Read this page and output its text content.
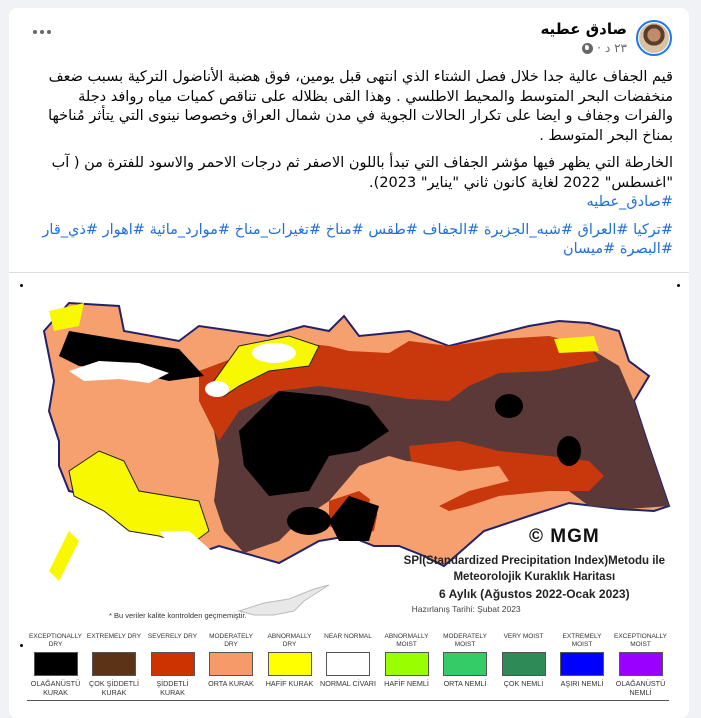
صادق عطيه
٢٣ د
·

قيم الجفاف عالية جدا خلال فصل الشتاء الذي انتهى قبل يومين، فوق هضبة الأناضول التركية بسبب ضعف منخفضات البحر المتوسط والمحيط الاطلسي . وهذا القى بظلاله على تناقص كميات مياه روافد دجلة والفرات وجفاف و ايضا على تكرار الحالات الجوية في مدن شمال العراق وخصوصا نينوى التي يتأثر مُناخها بمناخ البحر المتوسط .

الخارطة التي يظهر فيها مؤشر الجفاف التي تبدأ باللون الاصفر ثم درجات الاحمر والاسود للفترة من ( آب "اغسطس" 2022 لغاية كانون ثاني "يناير" 2023).

#صادق_عطيه

#تركيا #العراق #شبه_الجزيرة #الجفاف #طقس #مناخ #تغيرات_مناخ #موارد_مائية #اهوار #ذي_قار #البصرة #ميسان

© MGM
SPI(Standardized Precipitation Index)Metodu ile
Meteorolojik Kuraklık Haritası
6 Aylık (Ağustos 2022-Ocak 2023)
Hazırlanış Tarihi: Şubat 2023
* Bu veriler kalite kontrolden geçmemiştir.
EXCEPTIONALLY DRY
OLAĞANÜSTÜ KURAK
EXTREMELY DRY
ÇOK ŞİDDETLİ KURAK
SEVERELY DRY
ŞİDDETLİ KURAK
MODERATELY DRY
ORTA KURAK
ABNORMALLY DRY
HAFİF KURAK
NEAR NORMAL
NORMAL CİVARI
ABNORMALLY MOIST
HAFİF NEMLİ
MODERATELY MOIST
ORTA NEMLİ
VERY MOIST
ÇOK NEMLİ
EXTREMELY MOIST
AŞIRI NEMLİ
EXCEPTIONALLY MOIST
OLAĞANÜSTÜ NEMLİ
